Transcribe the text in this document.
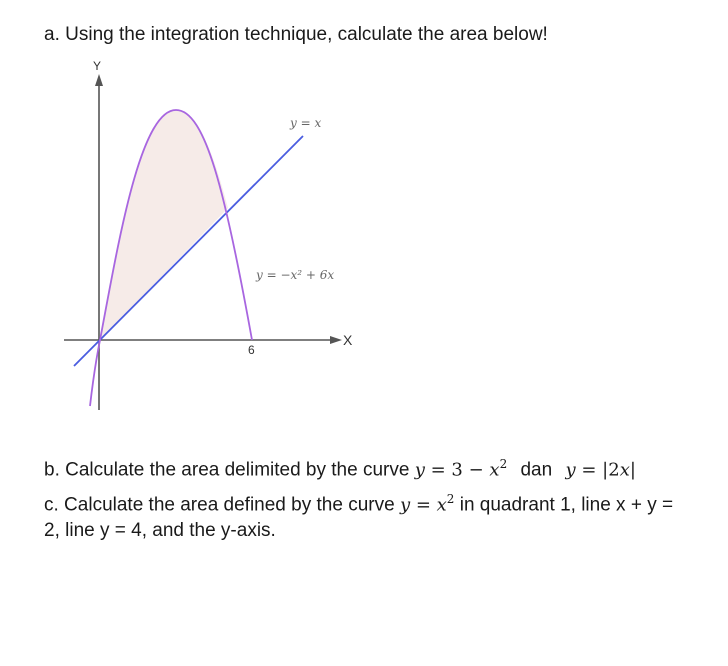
a. Using the integration technique, calculate the area below!
Y
X
6
y = x
y = −x² + 6x
b. Calculate the area delimited by the curve $y = 3 - x^2$ dan y = |2x|
c. Calculate the area defined by the curve $y = x^2$ in quadrant 1, line x + y = 2, line y = 4, and the y-axis.
